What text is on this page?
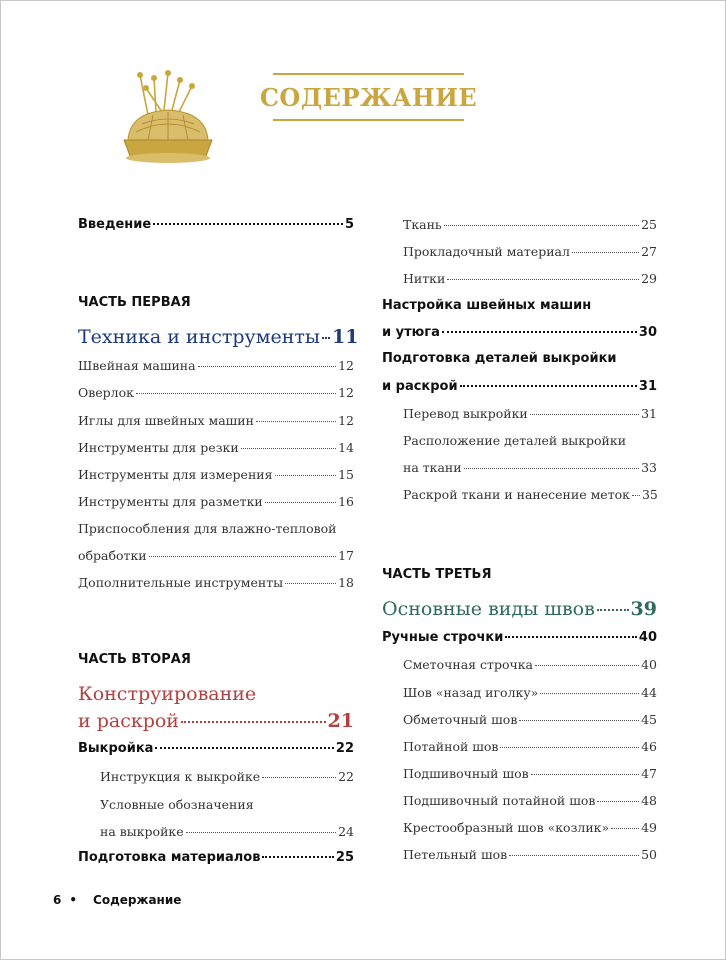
СОДЕРЖАНИЕ
Введение	5
ЧАСТЬ ПЕРВАЯ
Техника и инструменты 11
Швейная машина	12
Оверлок	12
Иглы для швейных машин	12
Инструменты для резки	14
Инструменты для измерения	15
Инструменты для разметки	16
Приспособления для влажно-тепловой
обработки	17
Дополнительные инструменты	18
ЧАСТЬ ВТОРАЯ
Конструирование
и раскрой	21
Выкройка	22
Инструкция к выкройке	22
Условные обозначения
на выкройке	24
Подготовка материалов	25
Ткань	25
Прокладочный материал	27
Нитки	29
Настройка швейных машин
и утюга	30
Подготовка деталей выкройки
и раскрой	31
Перевод выкройки	31
Расположение деталей выкройки
на ткани	33
Раскрой ткани и нанесение меток 35
ЧАСТЬ ТРЕТЬЯ
Основные виды швов 39
Ручные строчки	40
Сметочная строчка	40
Шов «назад иголку»	44
Обметочный шов	45
Потайной шов	46
Подшивочный шов	47
Подшивочный потайной шов	48
Крестообразный шов «козлик»	49
Петельный шов	50
6 • Содержание
